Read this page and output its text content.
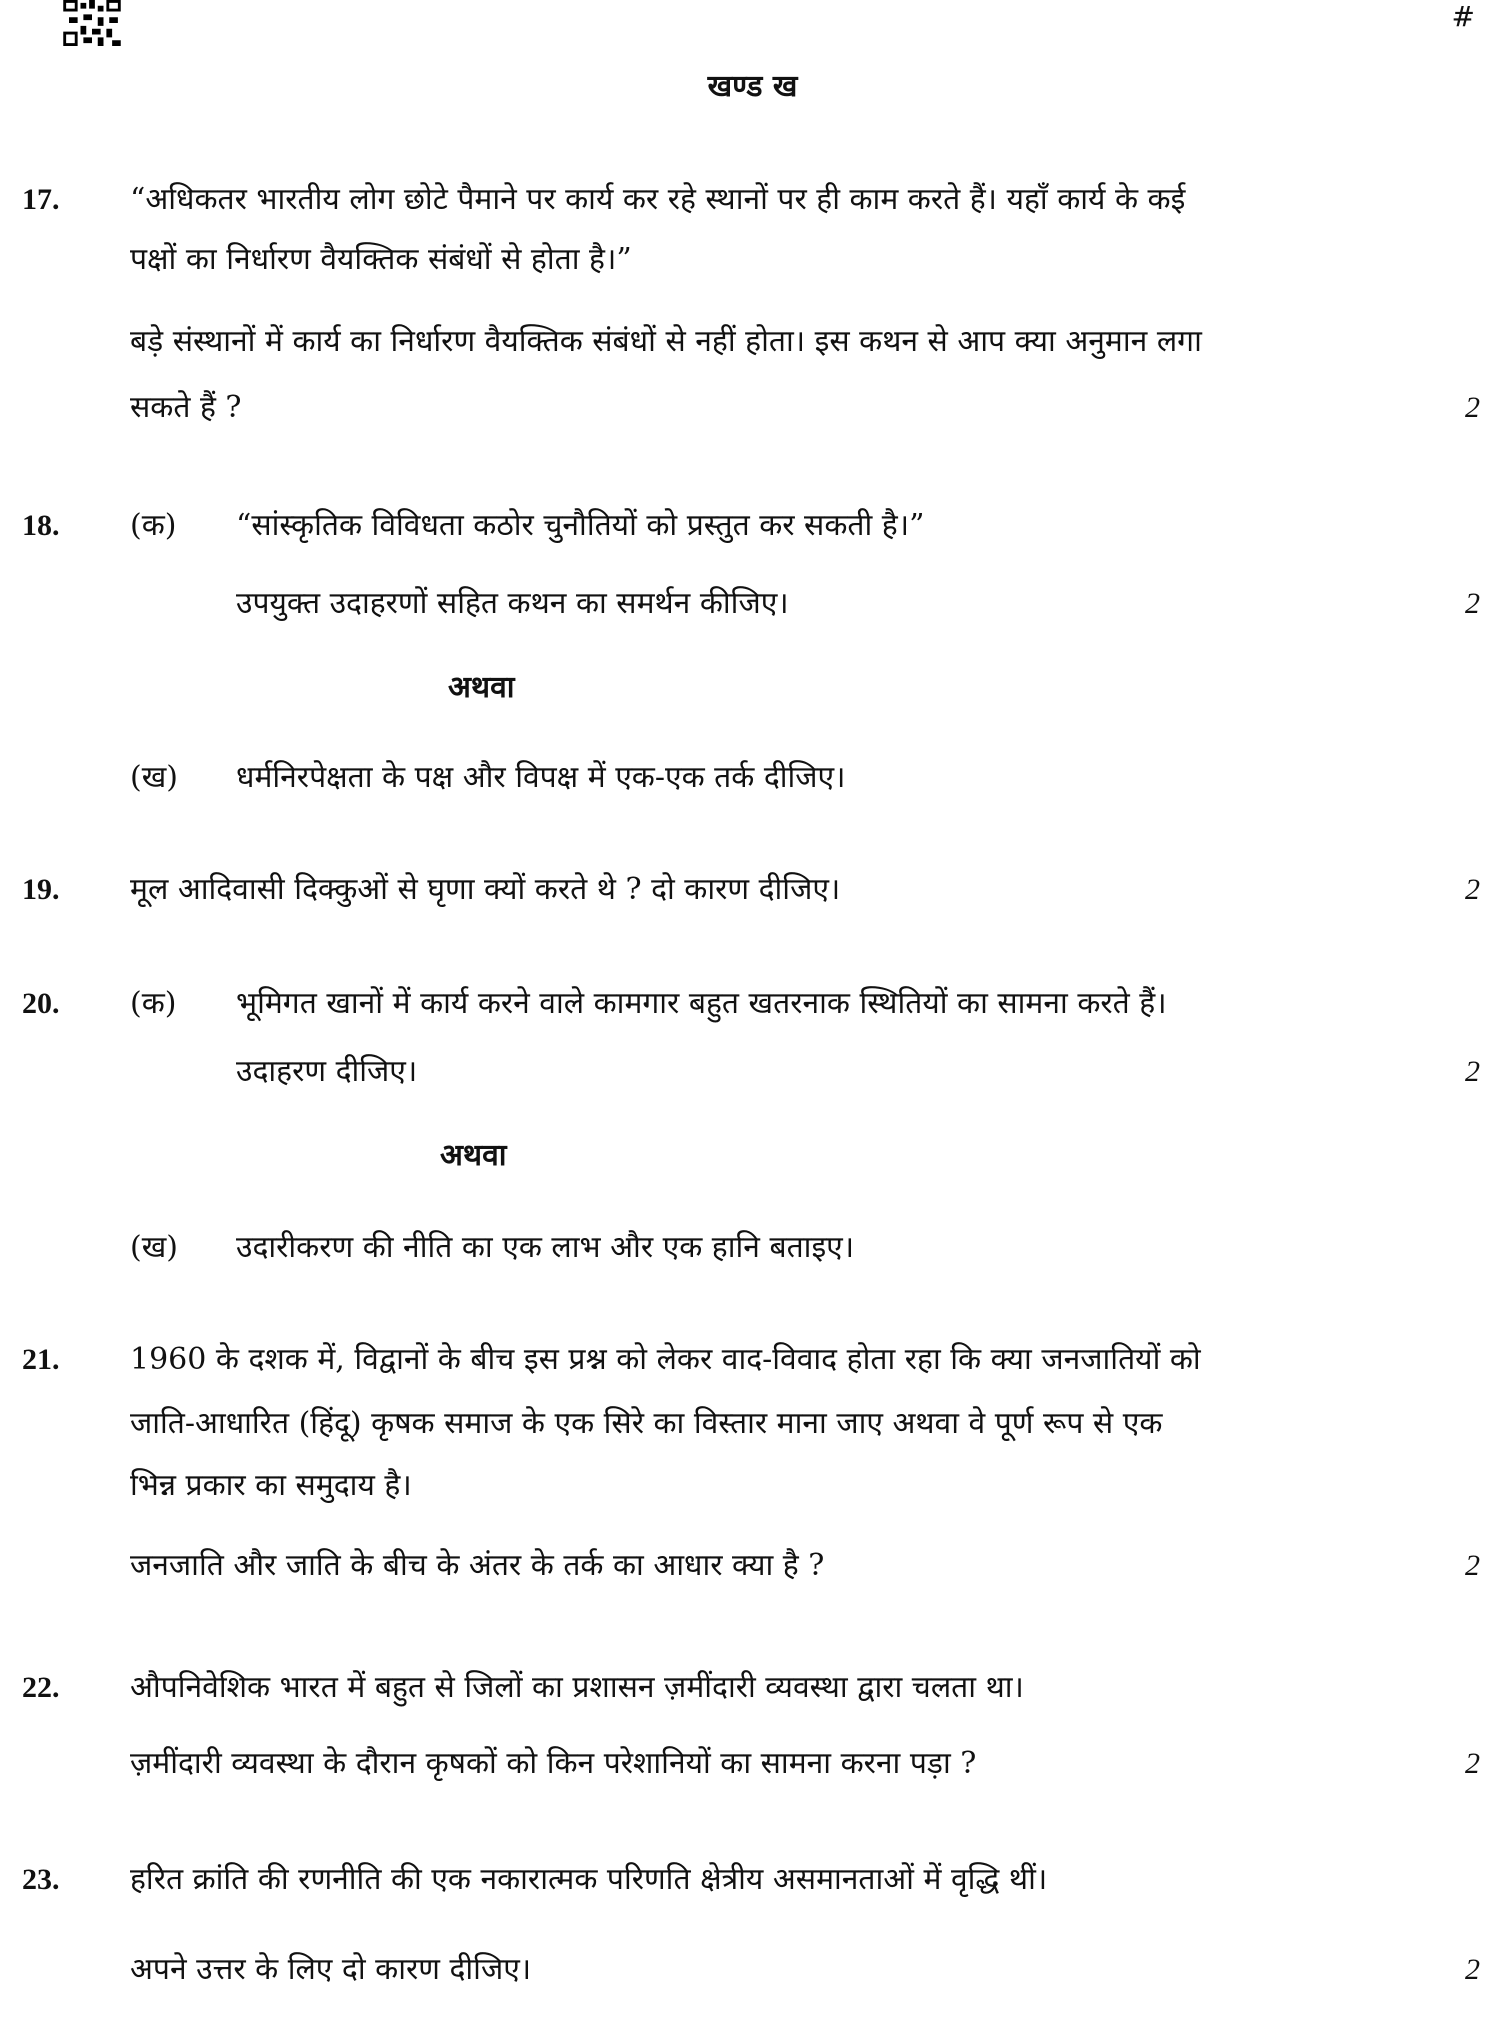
#
खण्ड ख
17. “अधिकतर भारतीय लोग छोटे पैमाने पर कार्य कर रहे स्थानों पर ही काम करते हैं। यहाँ कार्य के कई
पक्षों का निर्धारण वैयक्तिक संबंधों से होता है।”
बड़े संस्थानों में कार्य का निर्धारण वैयक्तिक संबंधों से नहीं होता। इस कथन से आप क्या अनुमान लगा
सकते हैं ?	2
18. (क) “सांस्कृतिक विविधता कठोर चुनौतियों को प्रस्तुत कर सकती है।”
उपयुक्त उदाहरणों सहित कथन का समर्थन कीजिए।	2
अथवा
(ख) धर्मनिरपेक्षता के पक्ष और विपक्ष में एक-एक तर्क दीजिए।
19. मूल आदिवासी दिक्कुओं से घृणा क्यों करते थे ? दो कारण दीजिए।	2
20. (क) भूमिगत खानों में कार्य करने वाले कामगार बहुत खतरनाक स्थितियों का सामना करते हैं।
उदाहरण दीजिए।	2
अथवा
(ख) उदारीकरण की नीति का एक लाभ और एक हानि बताइए।
21. 1960 के दशक में, विद्वानों के बीच इस प्रश्न को लेकर वाद-विवाद होता रहा कि क्या जनजातियों को
जाति-आधारित (हिंदू) कृषक समाज के एक सिरे का विस्तार माना जाए अथवा वे पूर्ण रूप से एक
भिन्न प्रकार का समुदाय है।
जनजाति और जाति के बीच के अंतर के तर्क का आधार क्या है ?	2
22. औपनिवेशिक भारत में बहुत से जिलों का प्रशासन ज़मींदारी व्यवस्था द्वारा चलता था।
ज़मींदारी व्यवस्था के दौरान कृषकों को किन परेशानियों का सामना करना पड़ा ?	2
23. हरित क्रांति की रणनीति की एक नकारात्मक परिणति क्षेत्रीय असमानताओं में वृद्धि थीं।
अपने उत्तर के लिए दो कारण दीजिए।	2
